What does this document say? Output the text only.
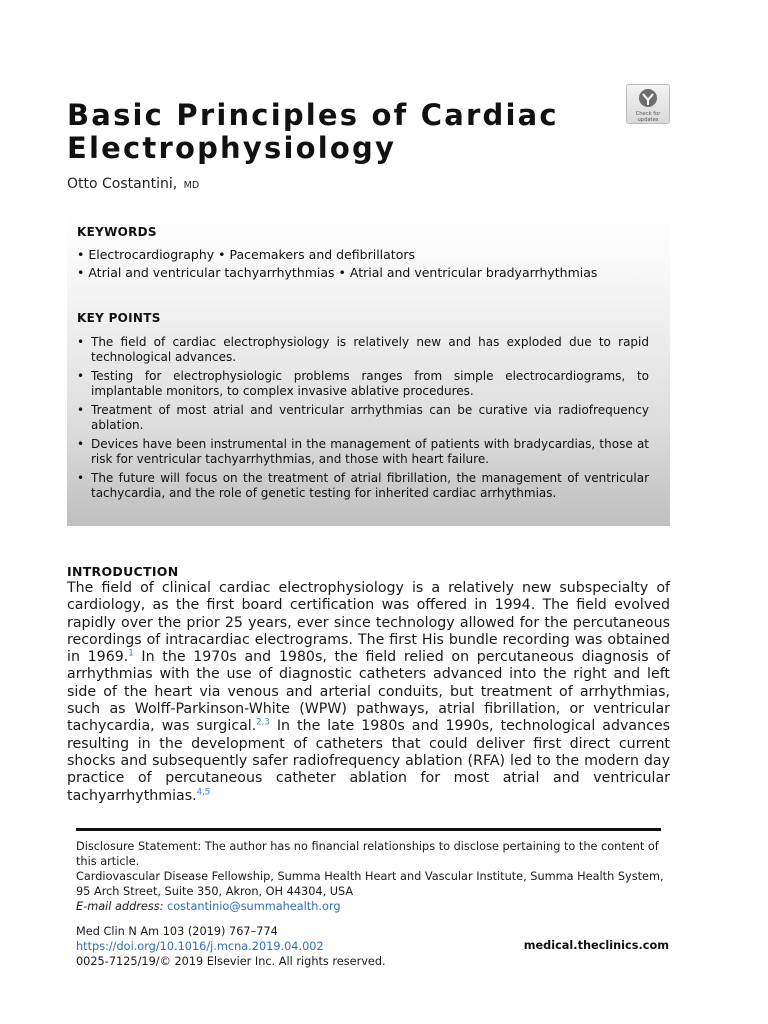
Basic Principles of Cardiac
Electrophysiology
Check for
updates
Otto Costantini, MD
KEYWORDS
• Electrocardiography • Pacemakers and defibrillators
• Atrial and ventricular tachyarrhythmias • Atrial and ventricular bradyarrhythmias
KEY POINTS
• The field of cardiac electrophysiology is relatively new and has exploded due to rapid technological advances.
• Testing for electrophysiologic problems ranges from simple electrocardiograms, to implantable monitors, to complex invasive ablative procedures.
• Treatment of most atrial and ventricular arrhythmias can be curative via radiofrequency ablation.
• Devices have been instrumental in the management of patients with bradycardias, those at risk for ventricular tachyarrhythmias, and those with heart failure.
• The future will focus on the treatment of atrial fibrillation, the management of ventricular tachycardia, and the role of genetic testing for inherited cardiac arrhythmias.
INTRODUCTION

The field of clinical cardiac electrophysiology is a relatively new subspecialty of cardiology, as the first board certification was offered in 1994. The field evolved rapidly over the prior 25 years, ever since technology allowed for the percutaneous recordings of intracardiac electrograms. The first His bundle recording was obtained in 1969.$^1$ In the 1970s and 1980s, the field relied on percutaneous diagnosis of arrhythmias with the use of diagnostic catheters advanced into the right and left side of the heart via venous and arterial conduits, but treatment of arrhythmias, such as Wolff-Parkinson-White (WPW) pathways, atrial fibrillation, or ventricular tachycardia, was surgical.$^{2,3}$ In the late 1980s and 1990s, technological advances resulting in the development of catheters that could deliver first direct current shocks and subsequently safer radiofrequency ablation (RFA) led to the modern day practice of percutaneous catheter ablation for most atrial and ventricular tachyarrhythmias.$^{4,5}$

Disclosure Statement: The author has no financial relationships to disclose pertaining to the content of this article.
Cardiovascular Disease Fellowship, Summa Health Heart and Vascular Institute, Summa Health System, 95 Arch Street, Suite 350, Akron, OH 44304, USA
E-mail address: costantinio@summahealth.org
Med Clin N Am 103 (2019) 767–774
https://doi.org/10.1016/j.mcna.2019.04.002
0025-7125/19/© 2019 Elsevier Inc. All rights reserved.
medical.theclinics.com
